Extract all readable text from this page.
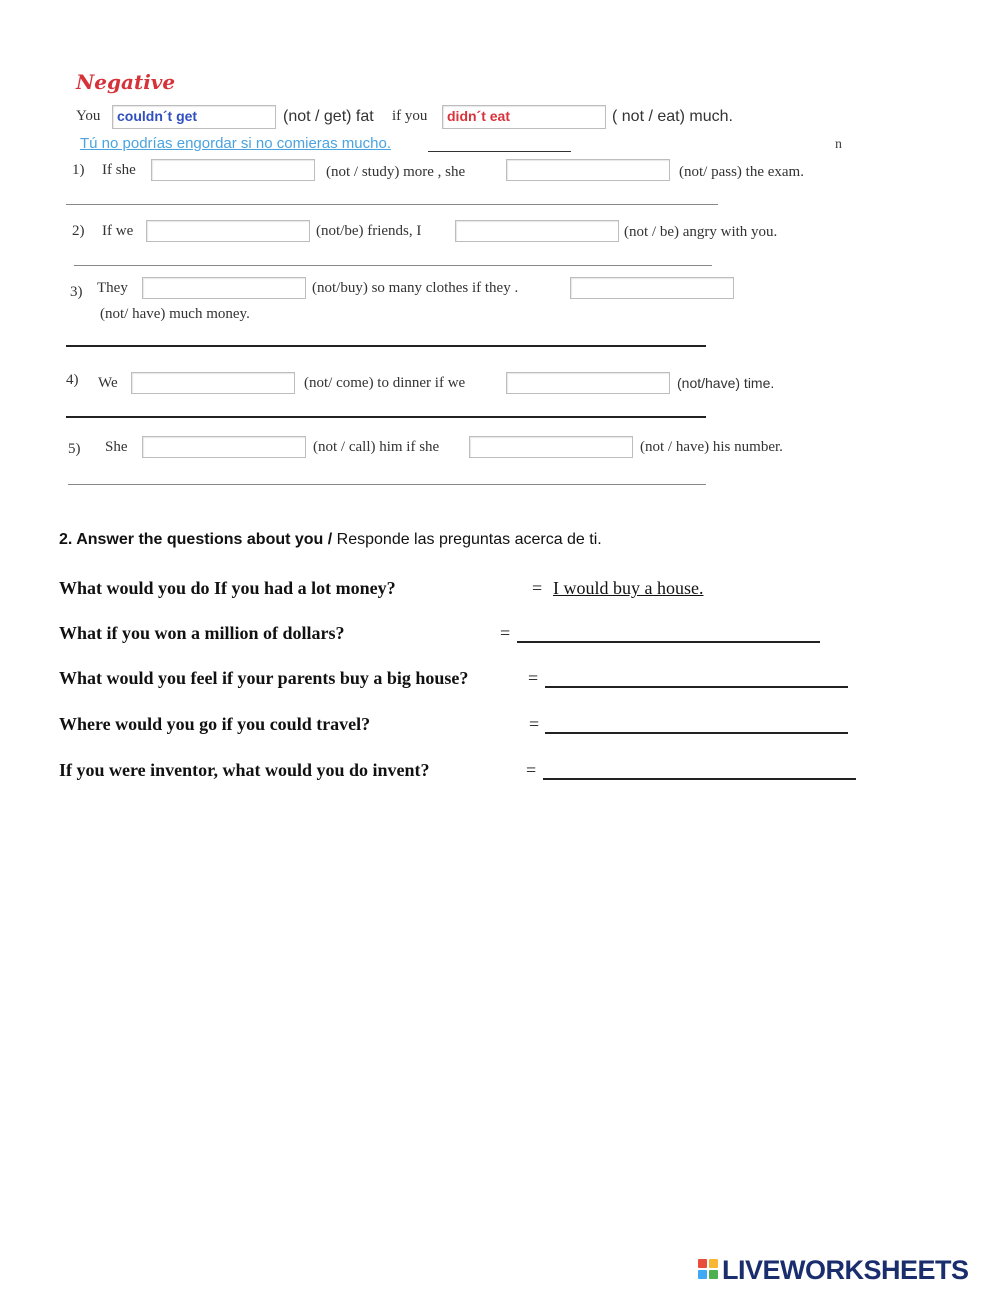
Negative
You couldn´t get	(not / get) fat if you didn´t eat	( not / eat) much.
Tú no podrías engordar si no comieras mucho.	n
1) If she	(not / study) more , she	(not/ pass) the exam.
2) If we	(not/be) friends, I	(not / be) angry with you.
3) They	(not/buy) so many clothes if they .
(not/ have) much money.
4) We	(not/ come) to dinner if we	(not/have) time.
5) She	(not / call) him if she	(not / have) his number.
2. Answer the questions about you / Responde las preguntas acerca de ti.
What would you do If you had a lot money?	= I would buy a house.
What if you won a million of dollars?	=
What would you feel if your parents buy a big house?	=
Where would you go if you could travel?	=
If you were inventor, what would you do invent?	=
LIVEWORKSHEETS
